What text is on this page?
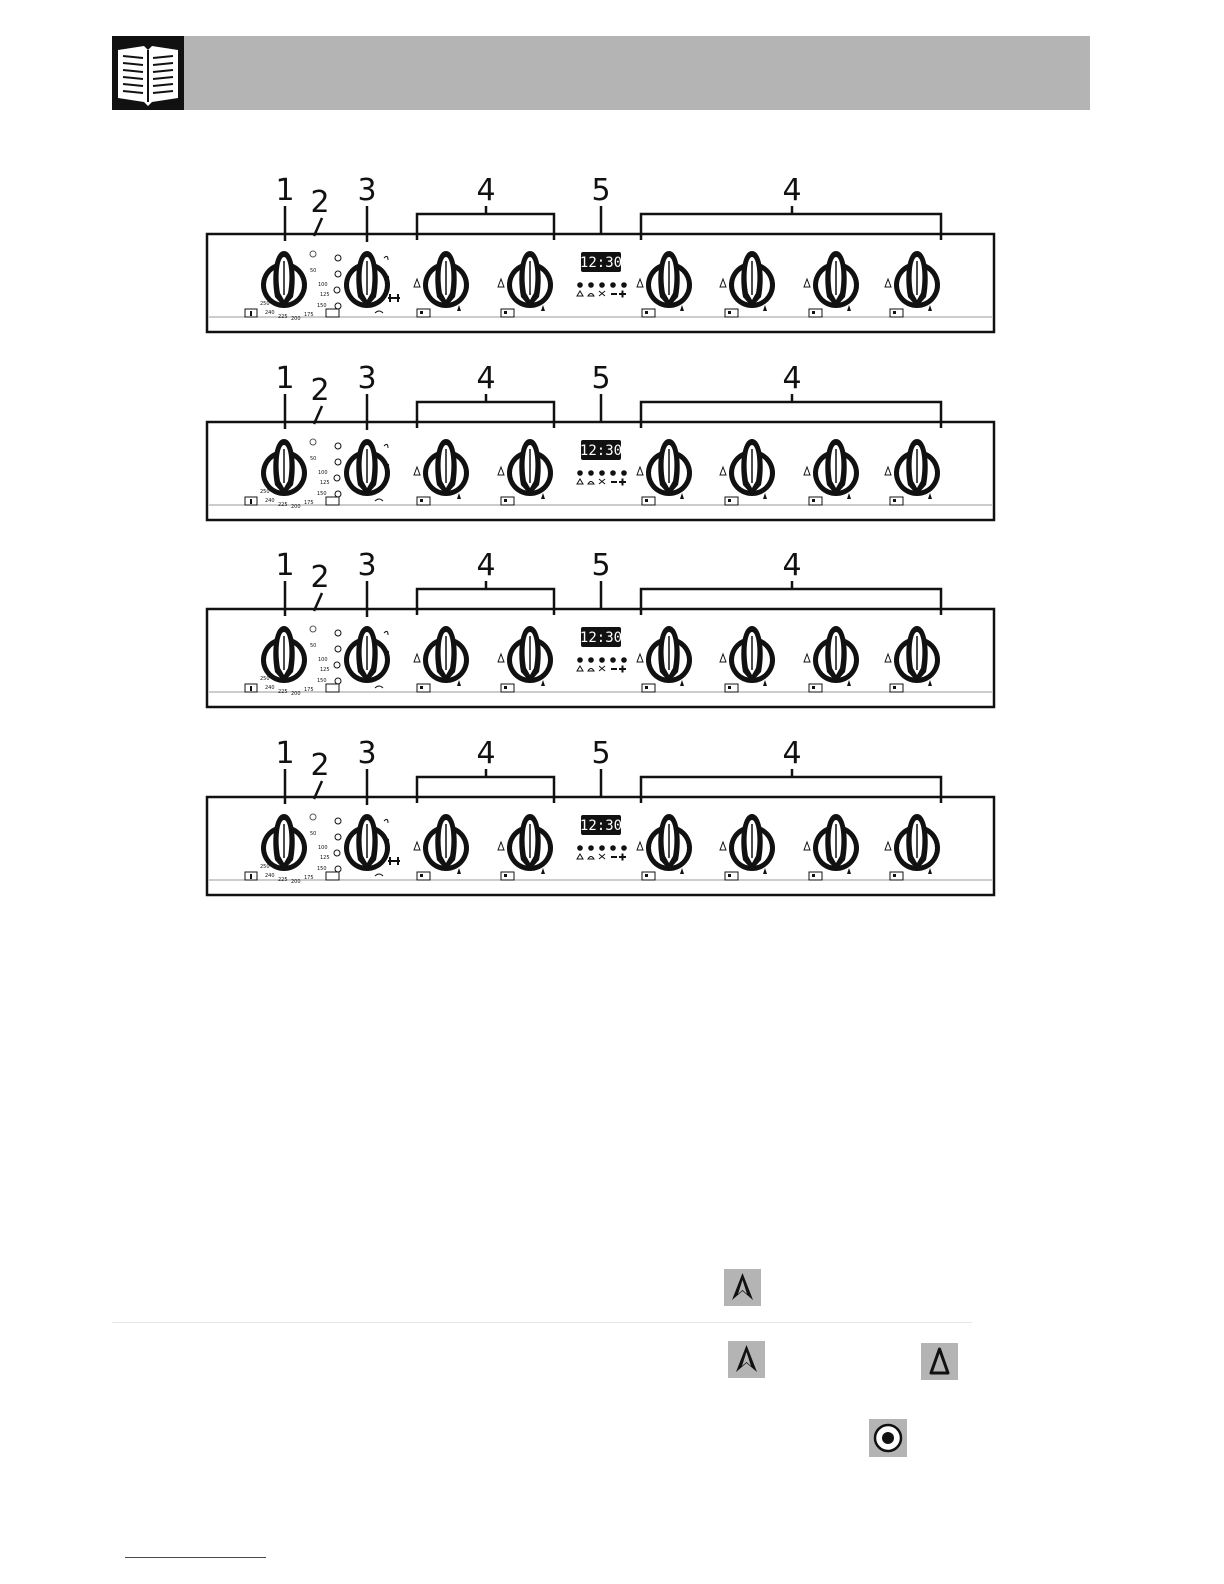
1 2 3	4	5	4
50
100
125
150
175
200
225
240
250
12:30
1 2 3	4	5	4
50
100
125
150
175
200
225
240
250
12:30
1 2 3	4	5	4
50
100
125
150
175
200
225
240
250
12:30
1 2 3	4	5	4
50
100
125
150
175
200
225
240
250
12:30
